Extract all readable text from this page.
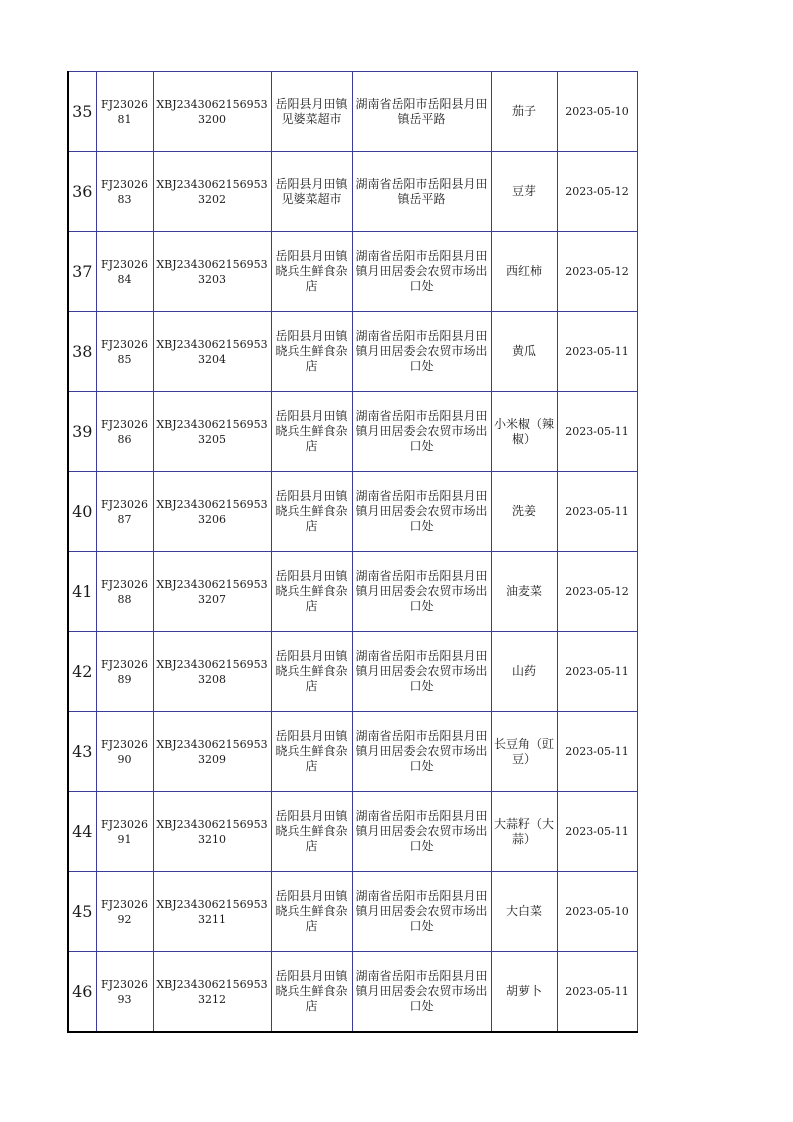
35	FJ2302681	XBJ23430621569533200	岳阳县月田镇见婆菜超市	湖南省岳阳市岳阳县月田镇岳平路	茄子	2023-05-10
36	FJ2302683	XBJ23430621569533202	岳阳县月田镇见婆菜超市	湖南省岳阳市岳阳县月田镇岳平路	豆芽	2023-05-12
37	FJ2302684	XBJ23430621569533203	岳阳县月田镇晓兵生鲜食杂店	湖南省岳阳市岳阳县月田镇月田居委会农贸市场出口处	西红柿	2023-05-12
38	FJ2302685	XBJ23430621569533204	岳阳县月田镇晓兵生鲜食杂店	湖南省岳阳市岳阳县月田镇月田居委会农贸市场出口处	黄瓜	2023-05-11
39	FJ2302686	XBJ23430621569533205	岳阳县月田镇晓兵生鲜食杂店	湖南省岳阳市岳阳县月田镇月田居委会农贸市场出口处	小米椒（辣椒）	2023-05-11
40	FJ2302687	XBJ23430621569533206	岳阳县月田镇晓兵生鲜食杂店	湖南省岳阳市岳阳县月田镇月田居委会农贸市场出口处	洗姜	2023-05-11
41	FJ2302688	XBJ23430621569533207	岳阳县月田镇晓兵生鲜食杂店	湖南省岳阳市岳阳县月田镇月田居委会农贸市场出口处	油麦菜	2023-05-12
42	FJ2302689	XBJ23430621569533208	岳阳县月田镇晓兵生鲜食杂店	湖南省岳阳市岳阳县月田镇月田居委会农贸市场出口处	山药	2023-05-11
43	FJ2302690	XBJ23430621569533209	岳阳县月田镇晓兵生鲜食杂店	湖南省岳阳市岳阳县月田镇月田居委会农贸市场出口处	长豆角（豇豆）	2023-05-11
44	FJ2302691	XBJ23430621569533210	岳阳县月田镇晓兵生鲜食杂店	湖南省岳阳市岳阳县月田镇月田居委会农贸市场出口处	大蒜籽（大蒜）	2023-05-11
45	FJ2302692	XBJ23430621569533211	岳阳县月田镇晓兵生鲜食杂店	湖南省岳阳市岳阳县月田镇月田居委会农贸市场出口处	大白菜	2023-05-10
46	FJ2302693	XBJ23430621569533212	岳阳县月田镇晓兵生鲜食杂店	湖南省岳阳市岳阳县月田镇月田居委会农贸市场出口处	胡萝卜	2023-05-11
